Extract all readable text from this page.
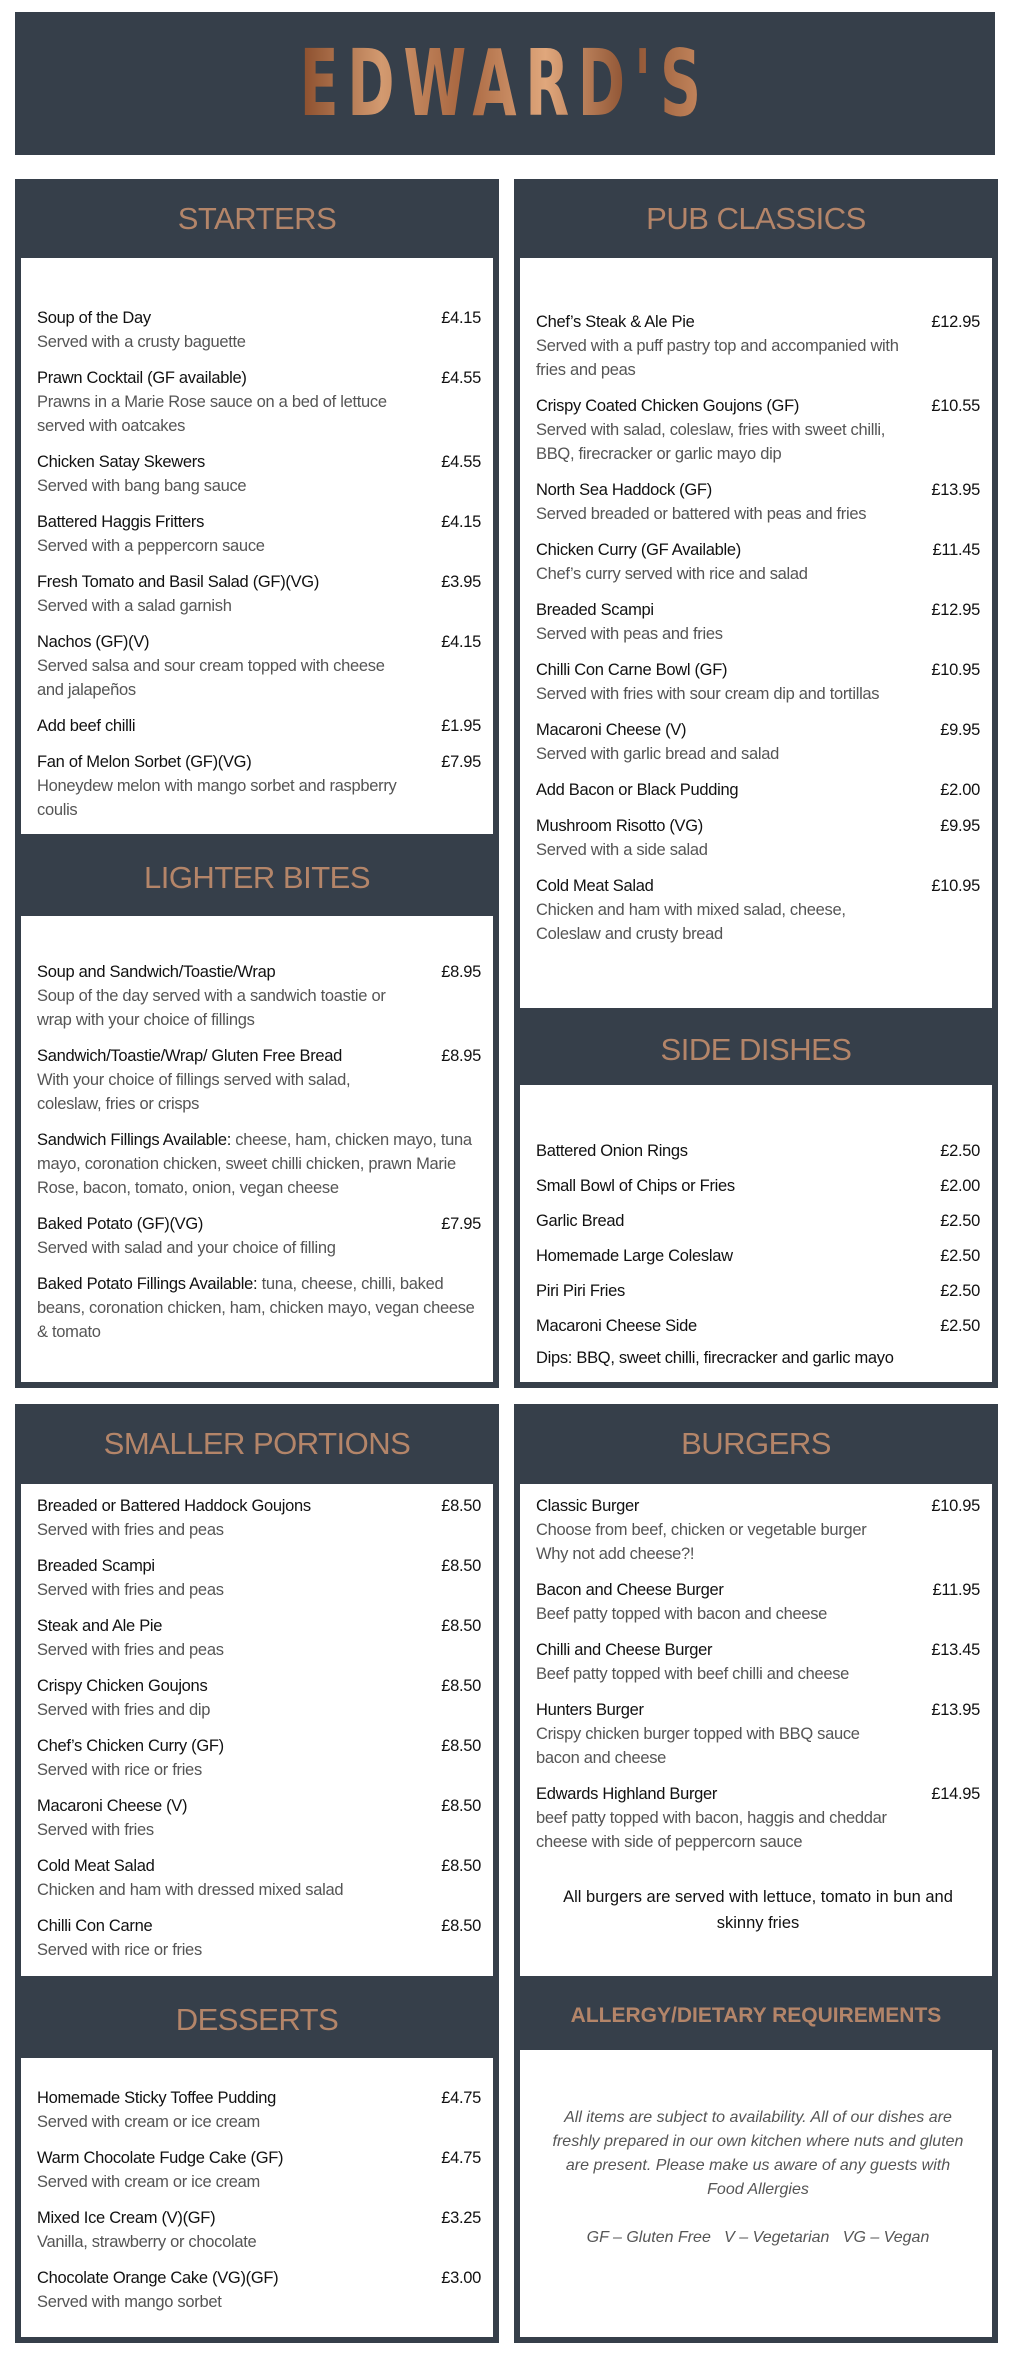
EDWARD'S
STARTERS
Soup of the Day	£4.15
Served with a crusty baguette
Prawn Cocktail (GF available)	£4.55
Prawns in a Marie Rose sauce on a bed of lettuce served with oatcakes
Chicken Satay Skewers	£4.55
Served with bang bang sauce
Battered Haggis Fritters	£4.15
Served with a peppercorn sauce
Fresh Tomato and Basil Salad (GF)(VG)	£3.95
Served with a salad garnish
Nachos (GF)(V)	£4.15
Served salsa and sour cream topped with cheese and jalapeños
Add beef chilli	£1.95
Fan of Melon Sorbet (GF)(VG)	£7.95
Honeydew melon with mango sorbet and raspberry coulis
LIGHTER BITES
Soup and Sandwich/Toastie/Wrap	£8.95
Soup of the day served with a sandwich toastie or wrap with your choice of fillings
Sandwich/Toastie/Wrap/ Gluten Free Bread	£8.95
With your choice of fillings served with salad, coleslaw, fries or crisps
Sandwich Fillings Available: cheese, ham, chicken mayo, tuna mayo, coronation chicken, sweet chilli chicken, prawn Marie Rose, bacon, tomato, onion, vegan cheese
Baked Potato (GF)(VG)	£7.95
Served with salad and your choice of filling
Baked Potato Fillings Available: tuna, cheese, chilli, baked beans, coronation chicken, ham, chicken mayo, vegan cheese & tomato
PUB CLASSICS
Chef’s Steak & Ale Pie	£12.95
Served with a puff pastry top and accompanied with fries and peas
Crispy Coated Chicken Goujons (GF)	£10.55
Served with salad, coleslaw, fries with sweet chilli, BBQ, firecracker or garlic mayo dip
North Sea Haddock (GF)	£13.95
Served breaded or battered with peas and fries
Chicken Curry (GF Available)	£11.45
Chef’s curry served with rice and salad
Breaded Scampi	£12.95
Served with peas and fries
Chilli Con Carne Bowl (GF)	£10.95
Served with fries with sour cream dip and tortillas
Macaroni Cheese (V)	£9.95
Served with garlic bread and salad
Add Bacon or Black Pudding	£2.00
Mushroom Risotto (VG)	£9.95
Served with a side salad
Cold Meat Salad	£10.95
Chicken and ham with mixed salad, cheese, Coleslaw and crusty bread
SIDE DISHES
Battered Onion Rings	£2.50
Small Bowl of Chips or Fries	£2.00
Garlic Bread	£2.50
Homemade Large Coleslaw	£2.50
Piri Piri Fries	£2.50
Macaroni Cheese Side	£2.50
Dips: BBQ, sweet chilli, firecracker and garlic mayo
SMALLER PORTIONS
Breaded or Battered Haddock Goujons	£8.50
Served with fries and peas
Breaded Scampi	£8.50
Served with fries and peas
Steak and Ale Pie	£8.50
Served with fries and peas
Crispy Chicken Goujons	£8.50
Served with fries and dip
Chef’s Chicken Curry (GF)	£8.50
Served with rice or fries
Macaroni Cheese (V)	£8.50
Served with fries
Cold Meat Salad	£8.50
Chicken and ham with dressed mixed salad
Chilli Con Carne	£8.50
Served with rice or fries
DESSERTS
Homemade Sticky Toffee Pudding	£4.75
Served with cream or ice cream
Warm Chocolate Fudge Cake (GF)	£4.75
Served with cream or ice cream
Mixed Ice Cream (V)(GF)	£3.25
Vanilla, strawberry or chocolate
Chocolate Orange Cake (VG)(GF)	£3.00
Served with mango sorbet
BURGERS
Classic Burger	£10.95
Choose from beef, chicken or vegetable burger Why not add cheese?!
Bacon and Cheese Burger	£11.95
Beef patty topped with bacon and cheese
Chilli and Cheese Burger	£13.45
Beef patty topped with beef chilli and cheese
Hunters Burger	£13.95
Crispy chicken burger topped with BBQ sauce bacon and cheese
Edwards Highland Burger	£14.95
beef patty topped with bacon, haggis and cheddar cheese with side of peppercorn sauce
All burgers are served with lettuce, tomato in bun and skinny fries
ALLERGY/DIETARY REQUIREMENTS
All items are subject to availability. All of our dishes are freshly prepared in our own kitchen where nuts and gluten are present. Please make us aware of any guests with Food Allergies
GF – Gluten Free   V – Vegetarian   VG – Vegan
